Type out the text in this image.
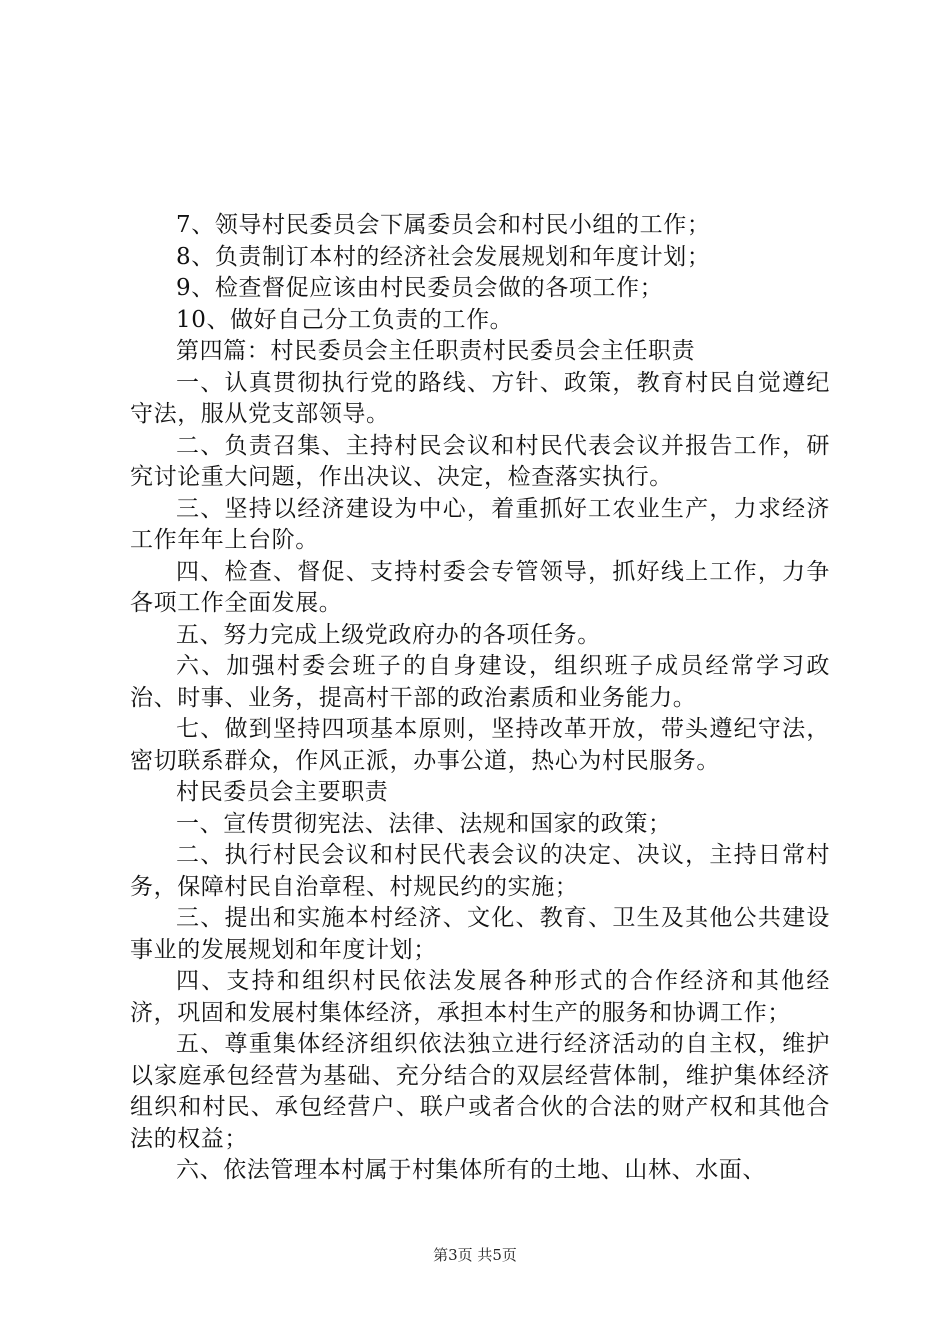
7、领导村民委员会下属委员会和村民小组的工作；

8、负责制订本村的经济社会发展规划和年度计划；

9、检查督促应该由村民委员会做的各项工作；

10、做好自己分工负责的工作。

第四篇：村民委员会主任职责村民委员会主任职责

一、认真贯彻执行党的路线、方针、政策，教育村民自觉遵纪守法，服从党支部领导。

二、负责召集、主持村民会议和村民代表会议并报告工作，研究讨论重大问题，作出决议、决定，检查落实执行。

三、坚持以经济建设为中心，着重抓好工农业生产，力求经济工作年年上台阶。

四、检查、督促、支持村委会专管领导，抓好线上工作，力争各项工作全面发展。

五、努力完成上级党政府办的各项任务。

六、加强村委会班子的自身建设，组织班子成员经常学习政治、时事、业务，提高村干部的政治素质和业务能力。

七、做到坚持四项基本原则，坚持改革开放，带头遵纪守法，密切联系群众，作风正派，办事公道，热心为村民服务。

村民委员会主要职责

一、宣传贯彻宪法、法律、法规和国家的政策；

二、执行村民会议和村民代表会议的决定、决议，主持日常村务，保障村民自治章程、村规民约的实施；

三、提出和实施本村经济、文化、教育、卫生及其他公共建设事业的发展规划和年度计划；

四、支持和组织村民依法发展各种形式的合作经济和其他经济，巩固和发展村集体经济，承担本村生产的服务和协调工作；

五、尊重集体经济组织依法独立进行经济活动的自主权，维护以家庭承包经营为基础、充分结合的双层经营体制，维护集体经济组织和村民、承包经营户、联户或者合伙的合法的财产权和其他合法的权益；

六、依法管理本村属于村集体所有的土地、山林、水面、

第3页 共5页
